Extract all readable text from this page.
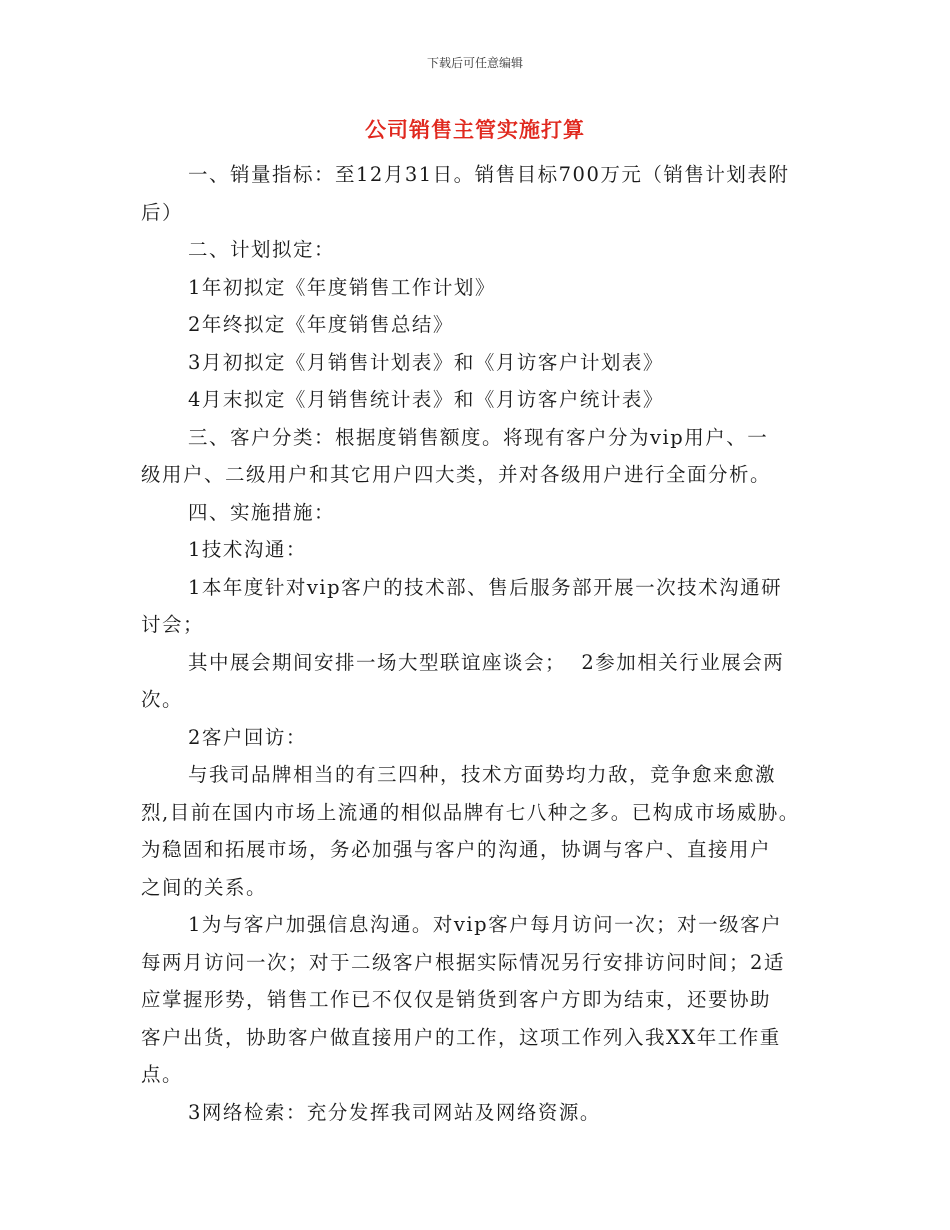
下载后可任意编辑
公司销售主管实施打算

一、销量指标：至12月31日。销售目标700万元（销售计划表附

后）

二、计划拟定：

1年初拟定《年度销售工作计划》

2年终拟定《年度销售总结》

3月初拟定《月销售计划表》和《月访客户计划表》

4月末拟定《月销售统计表》和《月访客户统计表》

三、客户分类：根据度销售额度。将现有客户分为vip用户、一

级用户、二级用户和其它用户四大类，并对各级用户进行全面分析。

四、实施措施：

1技术沟通：

1本年度针对vip客户的技术部、售后服务部开展一次技术沟通研

讨会；

其中展会期间安排一场大型联谊座谈会；  2参加相关行业展会两

次。

2客户回访：

与我司品牌相当的有三四种，技术方面势均力敌，竞争愈来愈激

烈,目前在国内市场上流通的相似品牌有七八种之多。已构成市场威胁。

为稳固和拓展市场，务必加强与客户的沟通，协调与客户、直接用户

之间的关系。

1为与客户加强信息沟通。对vip客户每月访问一次；对一级客户

每两月访问一次；对于二级客户根据实际情况另行安排访问时间；2适

应掌握形势，销售工作已不仅仅是销货到客户方即为结束，还要协助

客户出货，协助客户做直接用户的工作，这项工作列入我XX年工作重

点。

3网络检索：充分发挥我司网站及网络资源。
